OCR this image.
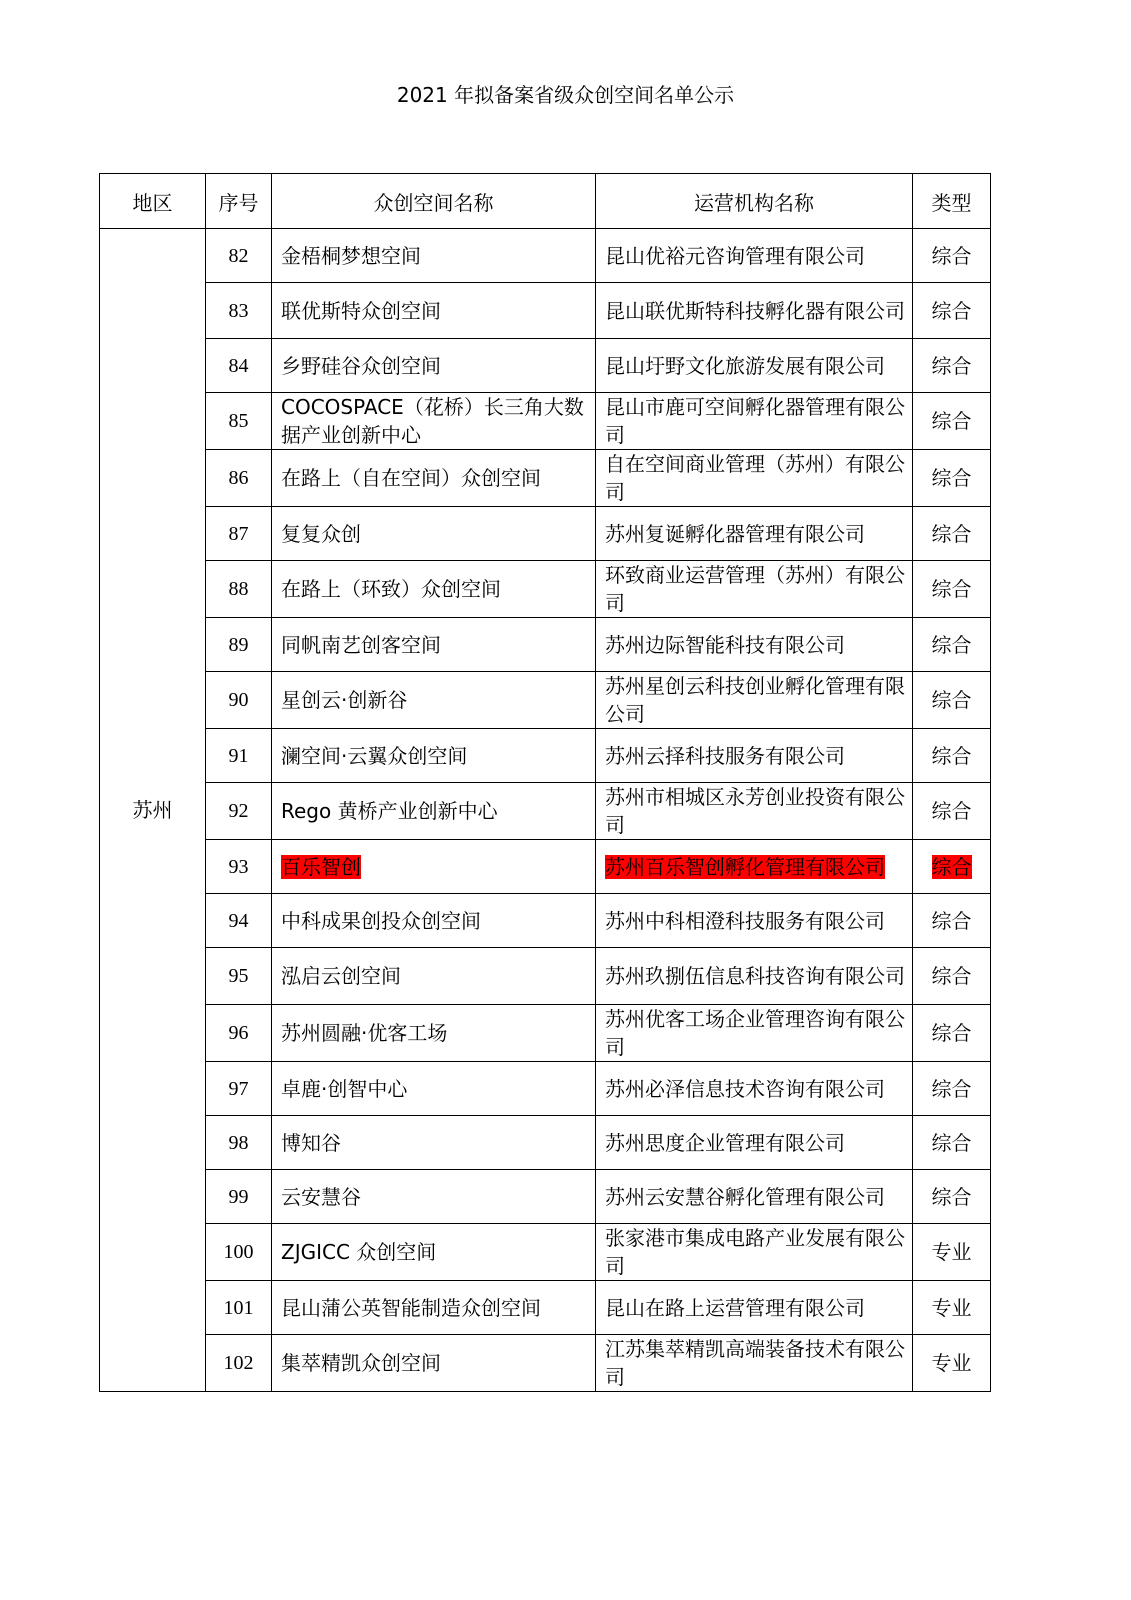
2021 年拟备案省级众创空间名单公示
地区	序号	众创空间名称	运营机构名称	类型
苏州	82	金梧桐梦想空间	昆山优裕元咨询管理有限公司	综合
	83	联优斯特众创空间	昆山联优斯特科技孵化器有限公司	综合
	84	乡野硅谷众创空间	昆山圩野文化旅游发展有限公司	综合
	85	COCOSPACE（花桥）长三角大数据产业创新中心	昆山市鹿可空间孵化器管理有限公司	综合
	86	在路上（自在空间）众创空间	自在空间商业管理（苏州）有限公司	综合
	87	复复众创	苏州复诞孵化器管理有限公司	综合
	88	在路上（环致）众创空间	环致商业运营管理（苏州）有限公司	综合
	89	同帆南艺创客空间	苏州边际智能科技有限公司	综合
	90	星创云·创新谷	苏州星创云科技创业孵化管理有限公司	综合
	91	澜空间·云翼众创空间	苏州云择科技服务有限公司	综合
	92	Rego 黄桥产业创新中心	苏州市相城区永芳创业投资有限公司	综合
	93	百乐智创	苏州百乐智创孵化管理有限公司	综合
	94	中科成果创投众创空间	苏州中科相澄科技服务有限公司	综合
	95	泓启云创空间	苏州玖捌伍信息科技咨询有限公司	综合
	96	苏州圆融·优客工场	苏州优客工场企业管理咨询有限公司	综合
	97	卓鹿·创智中心	苏州必泽信息技术咨询有限公司	综合
	98	博知谷	苏州思度企业管理有限公司	综合
	99	云安慧谷	苏州云安慧谷孵化管理有限公司	综合
	100	ZJGICC 众创空间	张家港市集成电路产业发展有限公司	专业
	101	昆山蒲公英智能制造众创空间	昆山在路上运营管理有限公司	专业
	102	集萃精凯众创空间	江苏集萃精凯高端装备技术有限公司	专业
